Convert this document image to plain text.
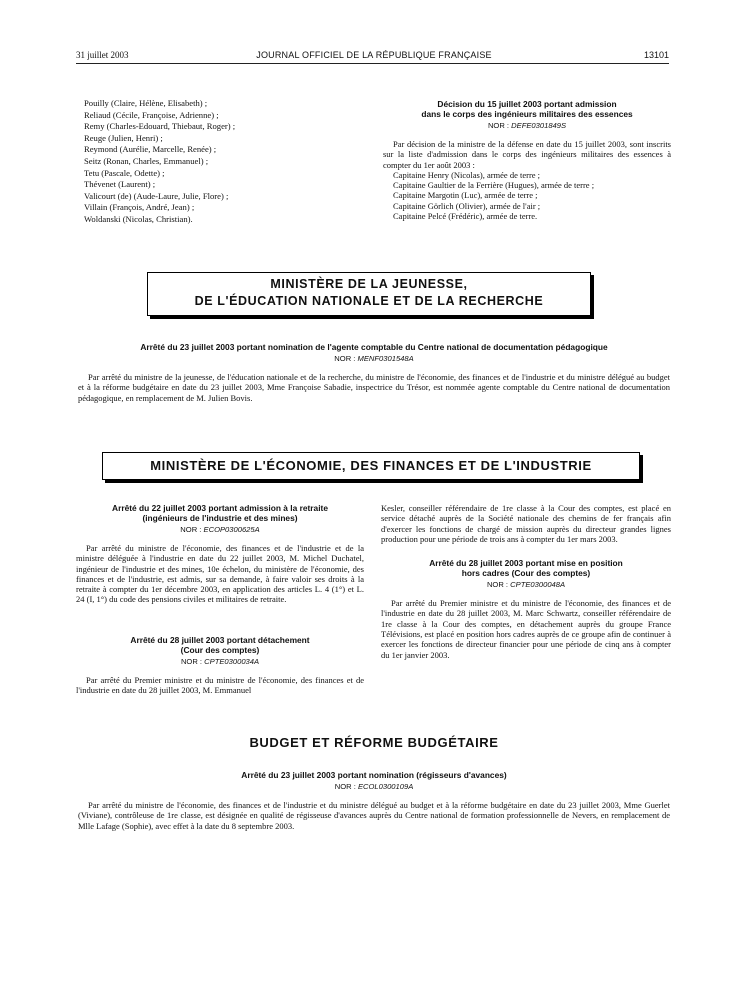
31 juillet 2003	JOURNAL OFFICIEL DE LA RÉPUBLIQUE FRANÇAISE	13101
Pouilly (Claire, Hélène, Elisabeth) ;
Reliaud (Cécile, Françoise, Adrienne) ;
Remy (Charles-Edouard, Thiebaut, Roger) ;
Reuge (Julien, Henri) ;
Reymond (Aurélie, Marcelle, Renée) ;
Seitz (Ronan, Charles, Emmanuel) ;
Tetu (Pascale, Odette) ;
Thévenet (Laurent) ;
Valicourt (de) (Aude-Laure, Julie, Flore) ;
Villain (François, André, Jean) ;
Woldanski (Nicolas, Christian).
Décision du 15 juillet 2003 portant admission
dans le corps des ingénieurs militaires des essences
NOR : DEFE0301849S

Par décision de la ministre de la défense en date du 15 juillet 2003, sont inscrits sur la liste d'admission dans le corps des ingénieurs militaires des essences à compter du 1er août 2003 :

Capitaine Henry (Nicolas), armée de terre ;
Capitaine Gaultier de la Ferrière (Hugues), armée de terre ;
Capitaine Margotin (Luc), armée de terre ;
Capitaine Görlich (Olivier), armée de l'air ;
Capitaine Pelcé (Frédéric), armée de terre.
MINISTÈRE DE LA JEUNESSE,
DE L'ÉDUCATION NATIONALE ET DE LA RECHERCHE
Arrêté du 23 juillet 2003 portant nomination de l'agente comptable du Centre national de documentation pédagogique
NOR : MENF0301548A

Par arrêté du ministre de la jeunesse, de l'éducation nationale et de la recherche, du ministre de l'économie, des finances et de l'industrie et du ministre délégué au budget et à la réforme budgétaire en date du 23 juillet 2003, Mme Françoise Sabadie, inspectrice du Trésor, est nommée agente comptable du Centre national de documentation pédagogique, en remplacement de M. Julien Bovis.

MINISTÈRE DE L'ÉCONOMIE, DES FINANCES ET DE L'INDUSTRIE
Arrêté du 22 juillet 2003 portant admission à la retraite
(ingénieurs de l'industrie et des mines)
NOR : ECOP0300625A

Par arrêté du ministre de l'économie, des finances et de l'industrie et de la ministre déléguée à l'industrie en date du 22 juillet 2003, M. Michel Duchatel, ingénieur de l'industrie et des mines, 10e échelon, du ministère de l'économie, des finances et de l'industrie, est admis, sur sa demande, à faire valoir ses droits à la retraite à compter du 1er décembre 2003, en application des articles L. 4 (1°) et L. 24 (I, 1°) du code des pensions civiles et militaires de retraite.

Arrêté du 28 juillet 2003 portant détachement
(Cour des comptes)
NOR : CPTE0300034A

Par arrêté du Premier ministre et du ministre de l'économie, des finances et de l'industrie en date du 28 juillet 2003, M. Emmanuel

Kesler, conseiller référendaire de 1re classe à la Cour des comptes, est placé en service détaché auprès de la Société nationale des chemins de fer français afin d'exercer les fonctions de chargé de mission auprès du directeur grandes lignes production pour une période de trois ans à compter du 1er mars 2003.

Arrêté du 28 juillet 2003 portant mise en position
hors cadres (Cour des comptes)
NOR : CPTE0300048A

Par arrêté du Premier ministre et du ministre de l'économie, des finances et de l'industrie en date du 28 juillet 2003, M. Marc Schwartz, conseiller référendaire de 1re classe à la Cour des comptes, en détachement auprès du groupe France Télévisions, est placé en position hors cadres auprès de ce groupe afin de continuer à exercer les fonctions de directeur financier pour une période de cinq ans à compter du 1er janvier 2003.

BUDGET ET RÉFORME BUDGÉTAIRE
Arrêté du 23 juillet 2003 portant nomination (régisseurs d'avances)
NOR : ECOL0300109A

Par arrêté du ministre de l'économie, des finances et de l'industrie et du ministre délégué au budget et à la réforme budgétaire en date du 23 juillet 2003, Mme Guerlet (Viviane), contrôleuse de 1re classe, est désignée en qualité de régisseuse d'avances auprès du Centre national de formation professionnelle de Nevers, en remplacement de Mlle Lafage (Sophie), avec effet à la date du 8 septembre 2003.
